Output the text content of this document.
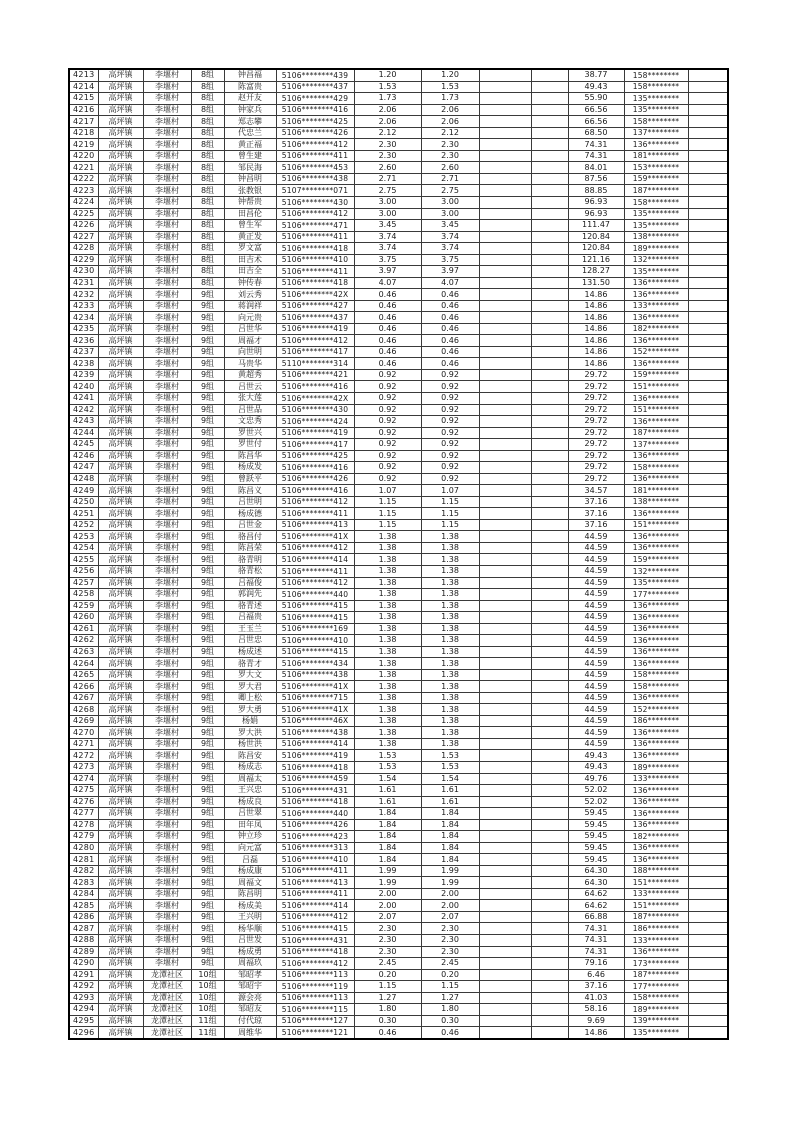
4213	高坪镇	李堰村	8组	钟昌福	5106********439	1.20	1.20			38.77	158********	
4214	高坪镇	李堰村	8组	陈富贵	5106********437	1.53	1.53			49.43	158********	
4215	高坪镇	李堰村	8组	赵开友	5106********429	1.73	1.73			55.90	135********	
4216	高坪镇	李堰村	8组	钟家兵	5106********416	2.06	2.06			66.56	135********	
4217	高坪镇	李堰村	8组	郑志攀	5106********425	2.06	2.06			66.56	158********	
4218	高坪镇	李堰村	8组	代忠兰	5106********426	2.12	2.12			68.50	137********	
4219	高坪镇	李堰村	8组	黄正福	5106********412	2.30	2.30			74.31	136********	
4220	高坪镇	李堰村	8组	曾生建	5106********411	2.30	2.30			74.31	181********	
4221	高坪镇	李堰村	8组	邹民海	5106********453	2.60	2.60			84.01	153********	
4222	高坪镇	李堰村	8组	钟昌明	5106********438	2.71	2.71			87.56	159********	
4223	高坪镇	李堰村	8组	张教银	5107********071	2.75	2.75			88.85	187********	
4224	高坪镇	李堰村	8组	钟帮贵	5106********430	3.00	3.00			96.93	158********	
4225	高坪镇	李堰村	8组	田昌伦	5106********412	3.00	3.00			96.93	135********	
4226	高坪镇	李堰村	8组	曾生军	5106********471	3.45	3.45			111.47	135********	
4227	高坪镇	李堰村	8组	黄正发	5106********411	3.74	3.74			120.84	138********	
4228	高坪镇	李堰村	8组	罗文富	5106********418	3.74	3.74			120.84	189********	
4229	高坪镇	李堰村	8组	田吉术	5106********410	3.75	3.75			121.16	132********	
4230	高坪镇	李堰村	8组	田吉全	5106********411	3.97	3.97			128.27	135********	
4231	高坪镇	李堰村	8组	钟传春	5106********418	4.07	4.07			131.50	136********	
4232	高坪镇	李堰村	9组	刘云秀	5106********42X	0.46	0.46			14.86	136********	
4233	高坪镇	李堰村	9组	蒋润祥	5106********427	0.46	0.46			14.86	133********	
4234	高坪镇	李堰村	9组	向元贵	5106********437	0.46	0.46			14.86	136********	
4235	高坪镇	李堰村	9组	吕世华	5106********419	0.46	0.46			14.86	182********	
4236	高坪镇	李堰村	9组	周福才	5106********412	0.46	0.46			14.86	136********	
4237	高坪镇	李堰村	9组	向世明	5106********417	0.46	0.46			14.86	152********	
4238	高坪镇	李堰村	9组	马贵华	5110********314	0.46	0.46			14.86	136********	
4239	高坪镇	李堰村	9组	黄超秀	5106********421	0.92	0.92			29.72	159********	
4240	高坪镇	李堰村	9组	吕世云	5106********416	0.92	0.92			29.72	151********	
4241	高坪镇	李堰村	9组	张大莲	5106********42X	0.92	0.92			29.72	136********	
4242	高坪镇	李堰村	9组	吕世品	5106********430	0.92	0.92			29.72	151********	
4243	高坪镇	李堰村	9组	文忠秀	5106********424	0.92	0.92			29.72	136********	
4244	高坪镇	李堰村	9组	罗世兴	5106********419	0.92	0.92			29.72	187********	
4245	高坪镇	李堰村	9组	罗世付	5106********417	0.92	0.92			29.72	137********	
4246	高坪镇	李堰村	9组	陈昌华	5106********425	0.92	0.92			29.72	136********	
4247	高坪镇	李堰村	9组	杨成发	5106********416	0.92	0.92			29.72	158********	
4248	高坪镇	李堰村	9组	曾跃平	5106********426	0.92	0.92			29.72	136********	
4249	高坪镇	李堰村	9组	陈昌义	5106********416	1.07	1.07			34.57	181********	
4250	高坪镇	李堰村	9组	吕世明	5106********412	1.15	1.15			37.16	138********	
4251	高坪镇	李堰村	9组	杨成德	5106********411	1.15	1.15			37.16	136********	
4252	高坪镇	李堰村	9组	吕世金	5106********413	1.15	1.15			37.16	151********	
4253	高坪镇	李堰村	9组	骆昌付	5106********41X	1.38	1.38			44.59	136********	
4254	高坪镇	李堰村	9组	陈昌荣	5106********412	1.38	1.38			44.59	136********	
4255	高坪镇	李堰村	9组	骆青明	5106********414	1.38	1.38			44.59	159********	
4256	高坪镇	李堰村	9组	骆青松	5106********411	1.38	1.38			44.59	132********	
4257	高坪镇	李堰村	9组	吕福俊	5106********412	1.38	1.38			44.59	135********	
4258	高坪镇	李堰村	9组	郭润先	5106********440	1.38	1.38			44.59	177********	
4259	高坪镇	李堰村	9组	骆青述	5106********415	1.38	1.38			44.59	136********	
4260	高坪镇	李堰村	9组	吕福贵	5106********415	1.38	1.38			44.59	136********	
4261	高坪镇	李堰村	9组	王玉兰	5106********169	1.38	1.38			44.59	136********	
4262	高坪镇	李堰村	9组	吕世忠	5106********410	1.38	1.38			44.59	136********	
4263	高坪镇	李堰村	9组	杨成述	5106********415	1.38	1.38			44.59	136********	
4264	高坪镇	李堰村	9组	骆青才	5106********434	1.38	1.38			44.59	136********	
4265	高坪镇	李堰村	9组	罗大文	5106********438	1.38	1.38			44.59	158********	
4266	高坪镇	李堰村	9组	罗大君	5106********41X	1.38	1.38			44.59	158********	
4267	高坪镇	李堰村	9组	卿上松	5106********715	1.38	1.38			44.59	136********	
4268	高坪镇	李堰村	9组	罗大勇	5106********41X	1.38	1.38			44.59	152********	
4269	高坪镇	李堰村	9组	杨娟	5106********46X	1.38	1.38			44.59	186********	
4270	高坪镇	李堰村	9组	罗大洪	5106********438	1.38	1.38			44.59	136********	
4271	高坪镇	李堰村	9组	杨世洪	5106********414	1.38	1.38			44.59	136********	
4272	高坪镇	李堰村	9组	陈昌安	5106********419	1.53	1.53			49.43	136********	
4273	高坪镇	李堰村	9组	杨成志	5106********418	1.53	1.53			49.43	189********	
4274	高坪镇	李堰村	9组	周福太	5106********459	1.54	1.54			49.76	133********	
4275	高坪镇	李堰村	9组	王兴忠	5106********431	1.61	1.61			52.02	136********	
4276	高坪镇	李堰村	9组	杨成良	5106********418	1.61	1.61			52.02	136********	
4277	高坪镇	李堰村	9组	吕世翠	5106********440	1.84	1.84			59.45	136********	
4278	高坪镇	李堰村	9组	田年凤	5106********426	1.84	1.84			59.45	136********	
4279	高坪镇	李堰村	9组	钟立珍	5106********423	1.84	1.84			59.45	182********	
4280	高坪镇	李堰村	9组	向元富	5106********313	1.84	1.84			59.45	136********	
4281	高坪镇	李堰村	9组	吕磊	5106********410	1.84	1.84			59.45	136********	
4282	高坪镇	李堰村	9组	杨成康	5106********411	1.99	1.99			64.30	188********	
4283	高坪镇	李堰村	9组	周福文	5106********413	1.99	1.99			64.30	151********	
4284	高坪镇	李堰村	9组	陈昌明	5106********411	2.00	2.00			64.62	133********	
4285	高坪镇	李堰村	9组	杨成美	5106********414	2.00	2.00			64.62	151********	
4286	高坪镇	李堰村	9组	王兴明	5106********412	2.07	2.07			66.88	187********	
4287	高坪镇	李堰村	9组	杨华顺	5106********415	2.30	2.30			74.31	186********	
4288	高坪镇	李堰村	9组	吕世发	5106********431	2.30	2.30			74.31	133********	
4289	高坪镇	李堰村	9组	杨成勇	5106********418	2.30	2.30			74.31	136********	
4290	高坪镇	李堰村	9组	周福玖	5106********412	2.45	2.45			79.16	173********	
4291	高坪镇	龙潭社区	10组	邹昭孝	5106********113	0.20	0.20			6.46	187********	
4292	高坪镇	龙潭社区	10组	邹昭宇	5106********119	1.15	1.15			37.16	177********	
4293	高坪镇	龙潭社区	10组	源会亮	5106********113	1.27	1.27			41.03	158********	
4294	高坪镇	龙潭社区	10组	邹昭友	5106********115	1.80	1.80			58.16	189********	
4295	高坪镇	龙潭社区	11组	付代琼	5106********127	0.30	0.30			9.69	139********	
4296	高坪镇	龙潭社区	11组	周维华	5106********121	0.46	0.46			14.86	135********	
